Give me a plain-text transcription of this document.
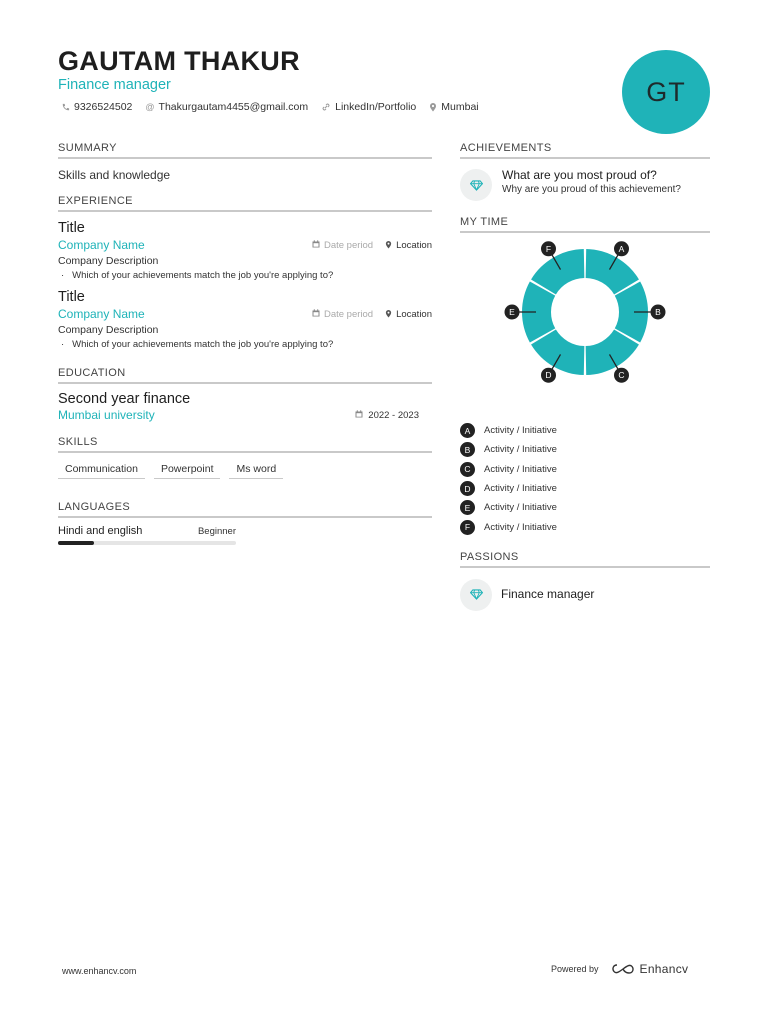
GAUTAM THAKUR
Finance manager
9326524502 @ Thakurgautam4455@gmail.com	LinkedIn/Portfolio Mumbai
GT
SUMMARY
Skills and knowledge
EXPERIENCE
Title
Company Name	Date period Location
Company Description
· Which of your achievements match the job you're applying to?
Title
Company Name	Date period Location
Company Description
· Which of your achievements match the job you're applying to?
EDUCATION
Second year finance
Mumbai university	2022 - 2023
SKILLS
Communication	Powerpoint	Ms word
LANGUAGES
Hindi and english	Beginner
ACHIEVEMENTS
What are you most proud of?
Why are you proud of this achievement?
MY TIME
A
B
C
D
E
F
A	Activity / Initiative
B	Activity / Initiative
C	Activity / Initiative
D	Activity / Initiative
E	Activity / Initiative
F	Activity / Initiative
PASSIONS
Finance manager
www.enhancv.com	Powered by	Enhancv
